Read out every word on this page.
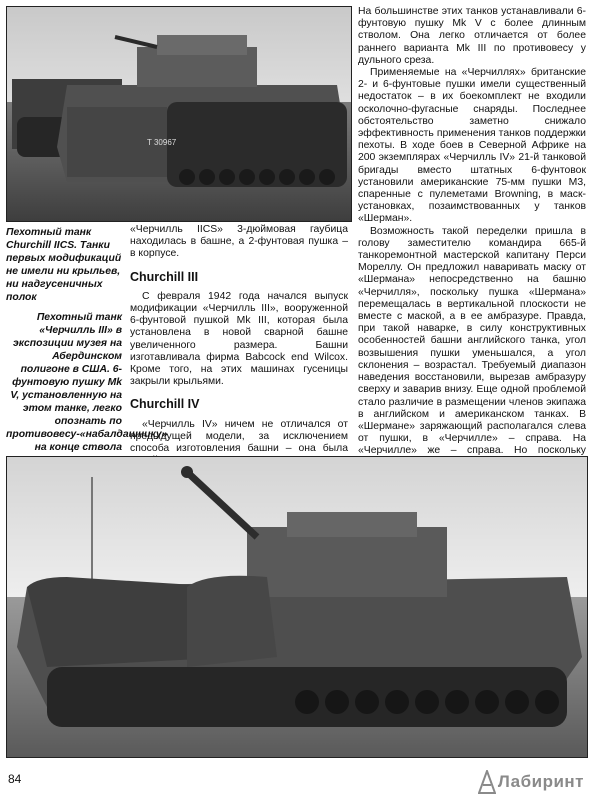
T 30967
Пехотный танк Churchill IICS. Танки первых модификаций не имели ни крыльев, ни надгусеничных полок
Пехотный танк «Черчилль III» в экспозиции музея на Абердинском полигоне в США. 6-фунтовую пушку Mk V, установленную на этом танке, легко опознать по противовесу-«набалдашнику» на конце ствола

«Черчилль IICS» 3-дюймовая гаубица находилась в башне, а 2-фунтовая пушка – в корпусе.

Churchill III

С февраля 1942 года начался выпуск модификации «Черчилль III», вооруженной 6-фунтовой пушкой Mk III, которая была установлена в новой сварной башне увеличенного размера. Башни изготавливала фирма Babcock end Wilcox. Кроме того, на этих машинах гусеницы закрыли крыльями.

Churchill IV

«Черчилль IV» ничем не отличался от предыдущей модели, за исключением способа изготовления башни – она была

На большинстве этих танков устанавливали 6-фунтовую пушку Mk V с более длинным стволом. Она легко отличается от более раннего варианта Mk III по противовесу у дульного среза.

Применяемые на «Черчиллях» британские 2- и 6-фунтовые пушки имели существенный недостаток – в их боекомплект не входили осколочно-фугасные снаряды. Последнее обстоятельство заметно снижало эффективность применения танков поддержки пехоты. В ходе боев в Северной Африке на 200 экземплярах «Черчилль IV» 21-й танковой бригады вместо штатных 6-фунтовок установили американские 75-мм пушки М3, спаренные с пулеметами Browning, в маск-установках, позаимствованных у танков «Шерман».

Возможность такой переделки пришла в голову заместителю командира 665-й танкоремонтной мастерской капитану Перси Мореллу. Он предложил наваривать маску от «Шермана» непосредственно на башню «Черчилля», поскольку пушка «Шермана» перемещалась в вертикальной плоскости не вместе с маской, а в ее амбразуре. Правда, при такой наварке, в силу конструктивных особенностей башни английского танка, угол возвышения пушки уменьшался, а угол склонения – возрастал. Требуемый диапазон наведения восстановили, вырезав амбразуру сверху и заварив внизу. Еще одной проблемой стало различие в размещении членов экипажа в английском и американском танках. В «Шермане» заряжающий располагался слева от пушки, в «Черчилле» – справа. На «Черчилле» же – справа. Но поскольку

84	Лабиринт
